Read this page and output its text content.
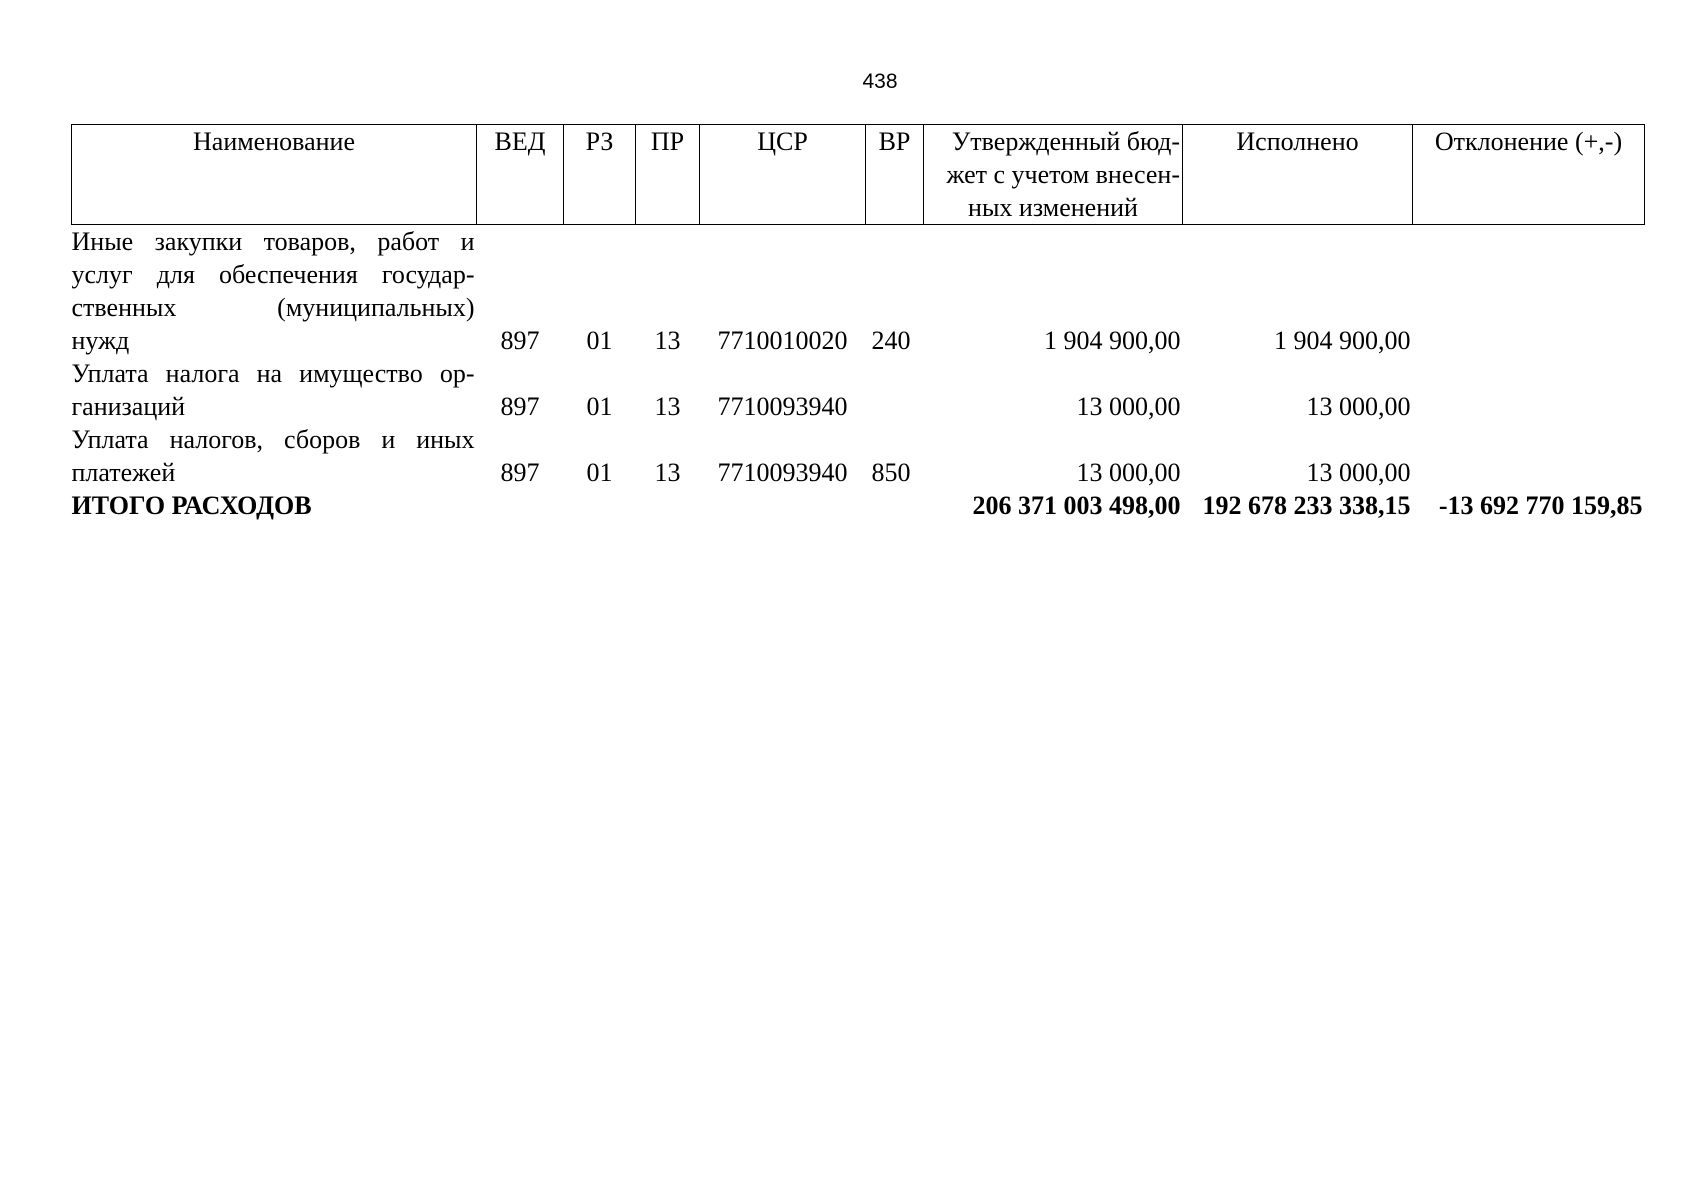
438
Наименование	ВЕД	РЗ	ПР	ЦСР	ВР	Утвержденный бюд-
жет с учетом внесен-
ных изменений	Исполнено	Отклонение (+,-)

Иные закупки товаров, работ и
услуг для обеспечения государ-
ственных (муниципальных)
нужд	897	01	13	7710010020	240	1 904 900,00	1 904 900,00	

Уплата налога на имущество ор-
ганизаций	897	01	13	7710093940		13 000,00	13 000,00	

Уплата налогов, сборов и иных
платежей	897	01	13	7710093940	850	13 000,00	13 000,00	
ИТОГО РАСХОДОВ						206 371 003 498,00	192 678 233 338,15	-13 692 770 159,85
